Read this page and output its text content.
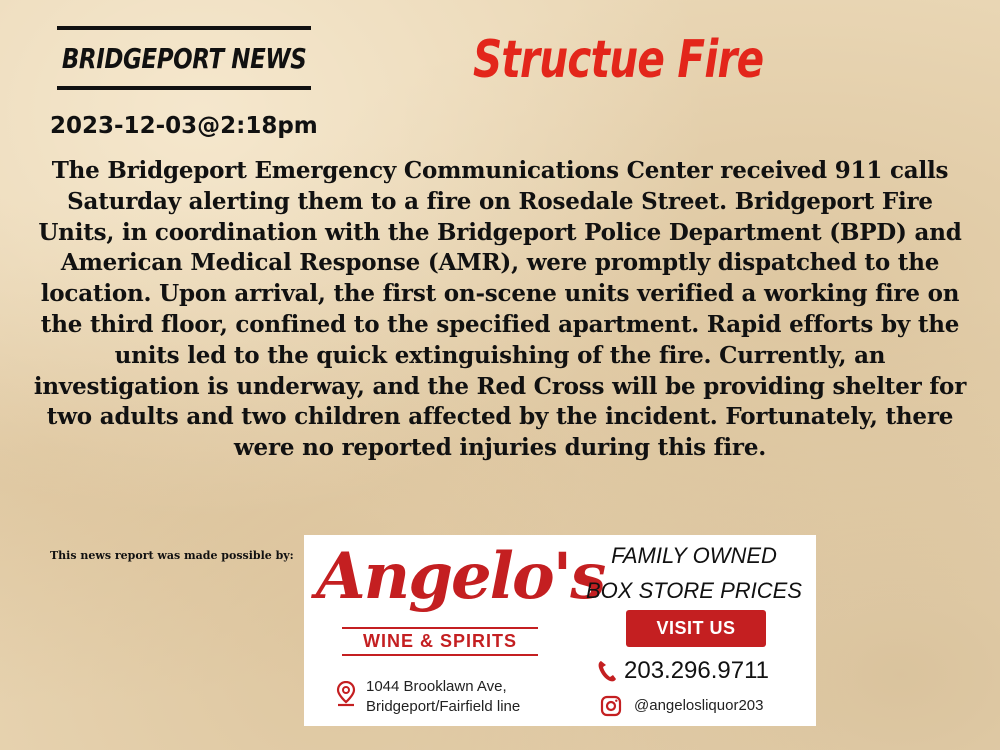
BRIDGEPORT NEWS	Structue Fire
2023-12-03@2:18pm
The Bridgeport Emergency Communications Center received 911 calls Saturday alerting them to a fire on Rosedale Street. Bridgeport Fire Units, in coordination with the Bridgeport Police Department (BPD) and American Medical Response (AMR), were promptly dispatched to the location. Upon arrival, the first on-scene units verified a working fire on the third floor, confined to the specified apartment. Rapid efforts by the units led to the quick extinguishing of the fire. Currently, an investigation is underway, and the Red Cross will be providing shelter for two adults and two children affected by the incident. Fortunately, there were no reported injuries during this fire.
This news report was made possible by: Angelo's
WINE & SPIRITS
1044 Brooklawn Ave,
Bridgeport/Fairfield line
FAMILY OWNED
BOX STORE PRICES
VISIT US
203.296.9711
@angelosliquor203
